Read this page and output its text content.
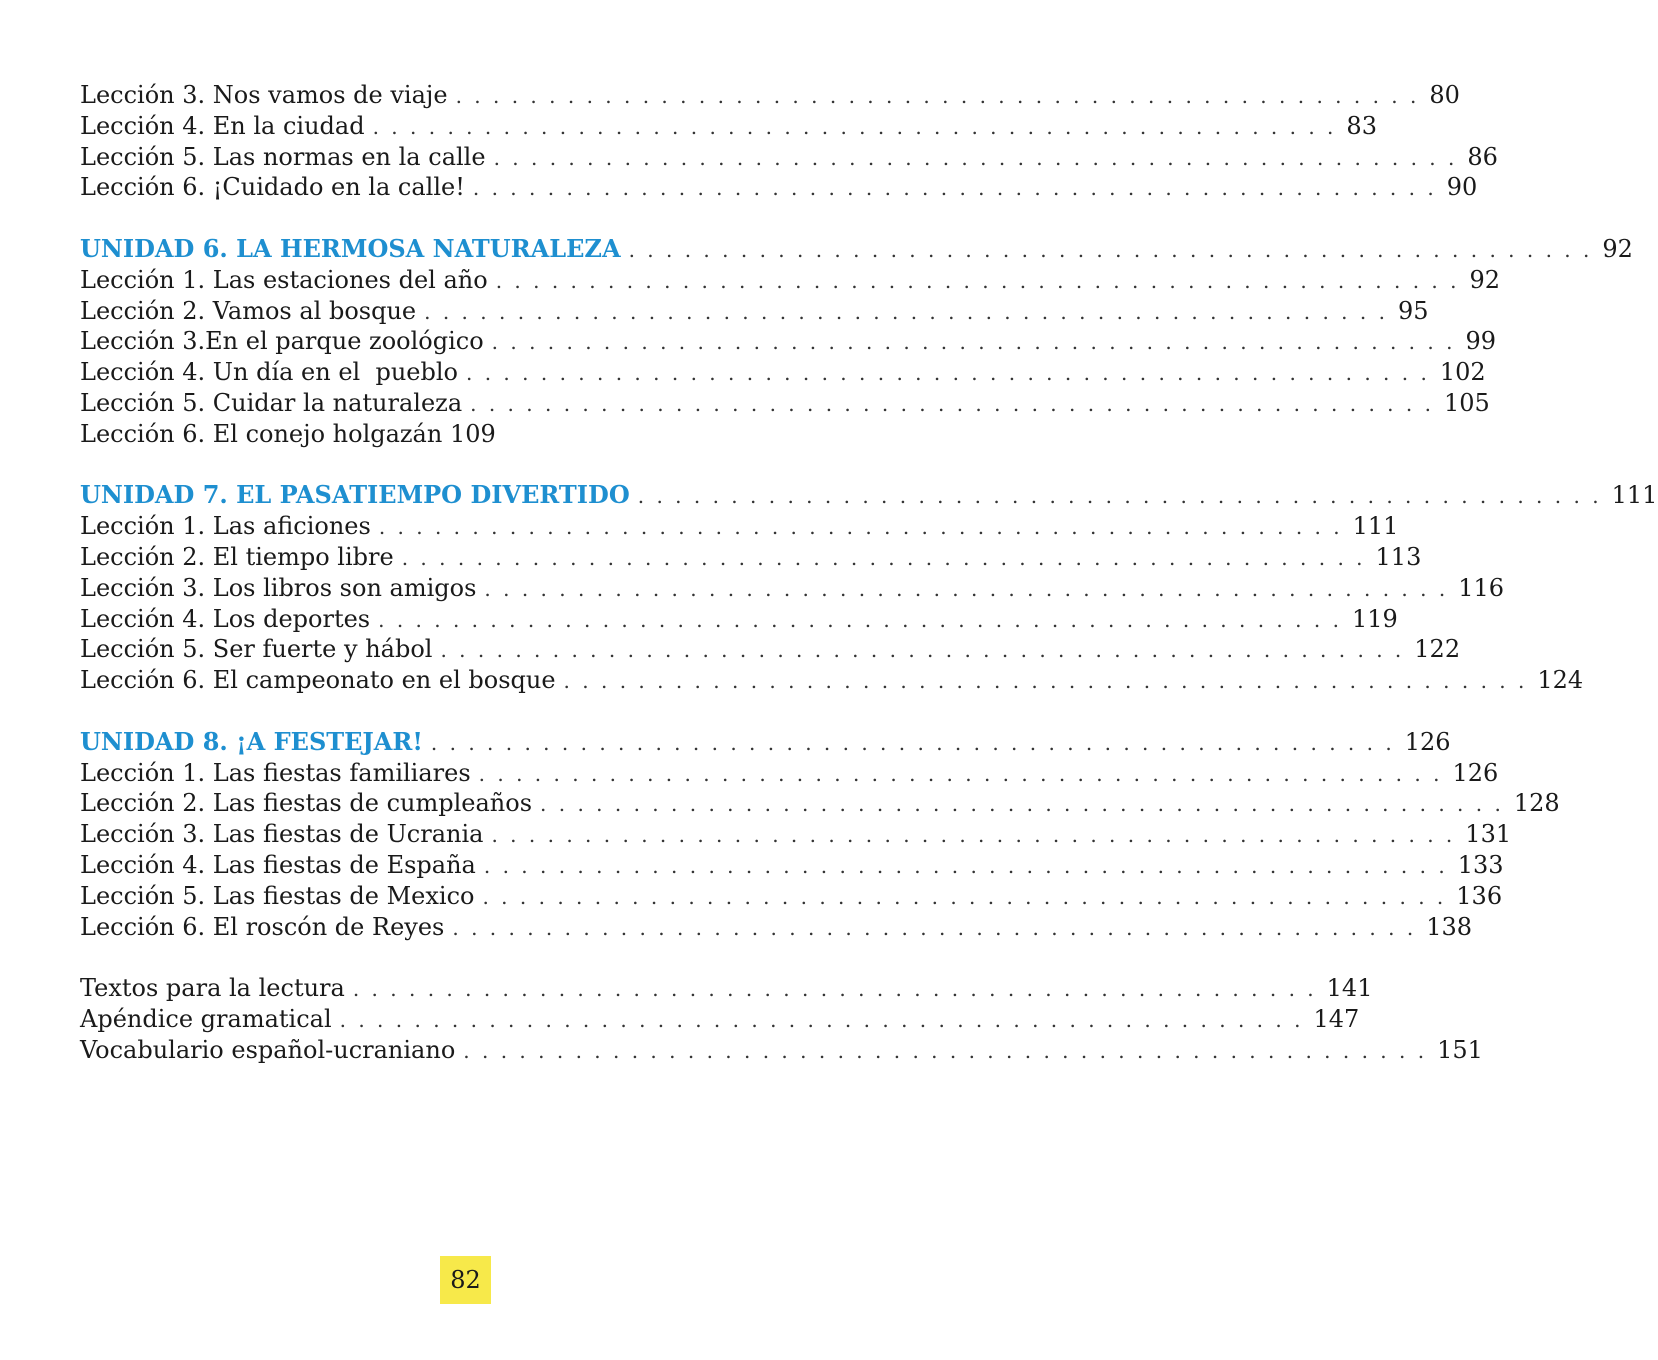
Lección 3. Nos vamos de viaje . . . . . . . . . . . . . . . . . . . . . . . . . . . . . . . . . . . . . . . . . . . . . . . . . . . . 80
Lección 4. En la ciudad . . . . . . . . . . . . . . . . . . . . . . . . . . . . . . . . . . . . . . . . . . . . . . . . . . . . 83
Lección 5. Las normas en la calle . . . . . . . . . . . . . . . . . . . . . . . . . . . . . . . . . . . . . . . . . . . . . . . . . . . . 86
Lección 6. ¡Cuidado en la calle! . . . . . . . . . . . . . . . . . . . . . . . . . . . . . . . . . . . . . . . . . . . . . . . . . . . . 90
UNIDAD 6. LA HERMOSA NATURALEZA . . . . . . . . . . . . . . . . . . . . . . . . . . . . . . . . . . . . . . . . . . . . . . . . . . . . 92
Lección 1. Las estaciones del año . . . . . . . . . . . . . . . . . . . . . . . . . . . . . . . . . . . . . . . . . . . . . . . . . . . . 92
Lección 2. Vamos al bosque . . . . . . . . . . . . . . . . . . . . . . . . . . . . . . . . . . . . . . . . . . . . . . . . . . . . 95
Lección 3.En el parque zoológico . . . . . . . . . . . . . . . . . . . . . . . . . . . . . . . . . . . . . . . . . . . . . . . . . . . . 99
Lección 4. Un día en el  pueblo . . . . . . . . . . . . . . . . . . . . . . . . . . . . . . . . . . . . . . . . . . . . . . . . . . . . 102
Lección 5. Cuidar la naturaleza . . . . . . . . . . . . . . . . . . . . . . . . . . . . . . . . . . . . . . . . . . . . . . . . . . . . 105
Lección 6. El conejo holgazán 109
UNIDAD 7. EL PASATIEMPO DIVERTIDO . . . . . . . . . . . . . . . . . . . . . . . . . . . . . . . . . . . . . . . . . . . . . . . . . . . . 111
Lección 1. Las aficiones . . . . . . . . . . . . . . . . . . . . . . . . . . . . . . . . . . . . . . . . . . . . . . . . . . . . 111
Lección 2. El tiempo libre . . . . . . . . . . . . . . . . . . . . . . . . . . . . . . . . . . . . . . . . . . . . . . . . . . . . 113
Lección 3. Los libros son amigos . . . . . . . . . . . . . . . . . . . . . . . . . . . . . . . . . . . . . . . . . . . . . . . . . . . . 116
Lección 4. Los deportes . . . . . . . . . . . . . . . . . . . . . . . . . . . . . . . . . . . . . . . . . . . . . . . . . . . . 119
Lección 5. Ser fuerte y hábol . . . . . . . . . . . . . . . . . . . . . . . . . . . . . . . . . . . . . . . . . . . . . . . . . . . . 122
Lección 6. El campeonato en el bosque . . . . . . . . . . . . . . . . . . . . . . . . . . . . . . . . . . . . . . . . . . . . . . . . . . . . 124
UNIDAD 8. ¡A FESTEJAR! . . . . . . . . . . . . . . . . . . . . . . . . . . . . . . . . . . . . . . . . . . . . . . . . . . . . 126
Lección 1. Las fiestas familiares . . . . . . . . . . . . . . . . . . . . . . . . . . . . . . . . . . . . . . . . . . . . . . . . . . . . 126
Lección 2. Las fiestas de cumpleaños . . . . . . . . . . . . . . . . . . . . . . . . . . . . . . . . . . . . . . . . . . . . . . . . . . . . 128
Lección 3. Las fiestas de Ucrania . . . . . . . . . . . . . . . . . . . . . . . . . . . . . . . . . . . . . . . . . . . . . . . . . . . . 131
Lección 4. Las fiestas de España . . . . . . . . . . . . . . . . . . . . . . . . . . . . . . . . . . . . . . . . . . . . . . . . . . . . 133
Lección 5. Las fiestas de Mexico . . . . . . . . . . . . . . . . . . . . . . . . . . . . . . . . . . . . . . . . . . . . . . . . . . . . 136
Lección 6. El roscón de Reyes . . . . . . . . . . . . . . . . . . . . . . . . . . . . . . . . . . . . . . . . . . . . . . . . . . . . 138
Textos para la lectura . . . . . . . . . . . . . . . . . . . . . . . . . . . . . . . . . . . . . . . . . . . . . . . . . . . . 141
Apéndice gramatical . . . . . . . . . . . . . . . . . . . . . . . . . . . . . . . . . . . . . . . . . . . . . . . . . . . . 147
Vocabulario español-ucraniano . . . . . . . . . . . . . . . . . . . . . . . . . . . . . . . . . . . . . . . . . . . . . . . . . . . . 151
82
